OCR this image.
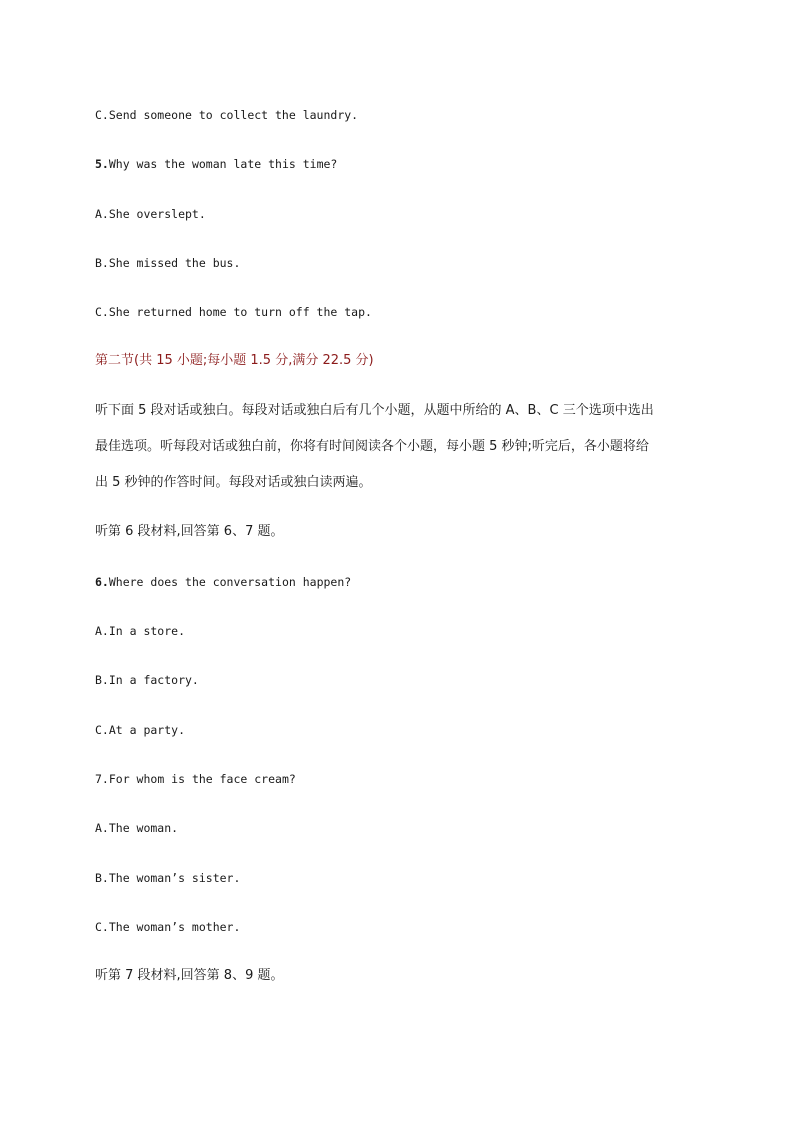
C.Send someone to collect the laundry.
5.Why was the woman late this time?
A.She overslept.
B.She missed the bus.
C.She returned home to turn off the tap.
第二节(共 15 小题;每小题 1.5 分,满分 22.5 分)
听下面 5 段对话或独白。每段对话或独白后有几个小题，从题中所给的 A、B、C 三个选项中选出
最佳选项。听每段对话或独白前，你将有时间阅读各个小题，每小题 5 秒钟;听完后，各小题将给
出 5 秒钟的作答时间。每段对话或独白读两遍。
听第 6 段材料,回答第 6、7 题。
6.Where does the conversation happen?
A.In a store.
B.In a factory.
C.At a party.
7.For whom is the face cream?
A.The woman.
B.The woman’s sister.
C.The woman’s mother.
听第 7 段材料,回答第 8、9 题。
